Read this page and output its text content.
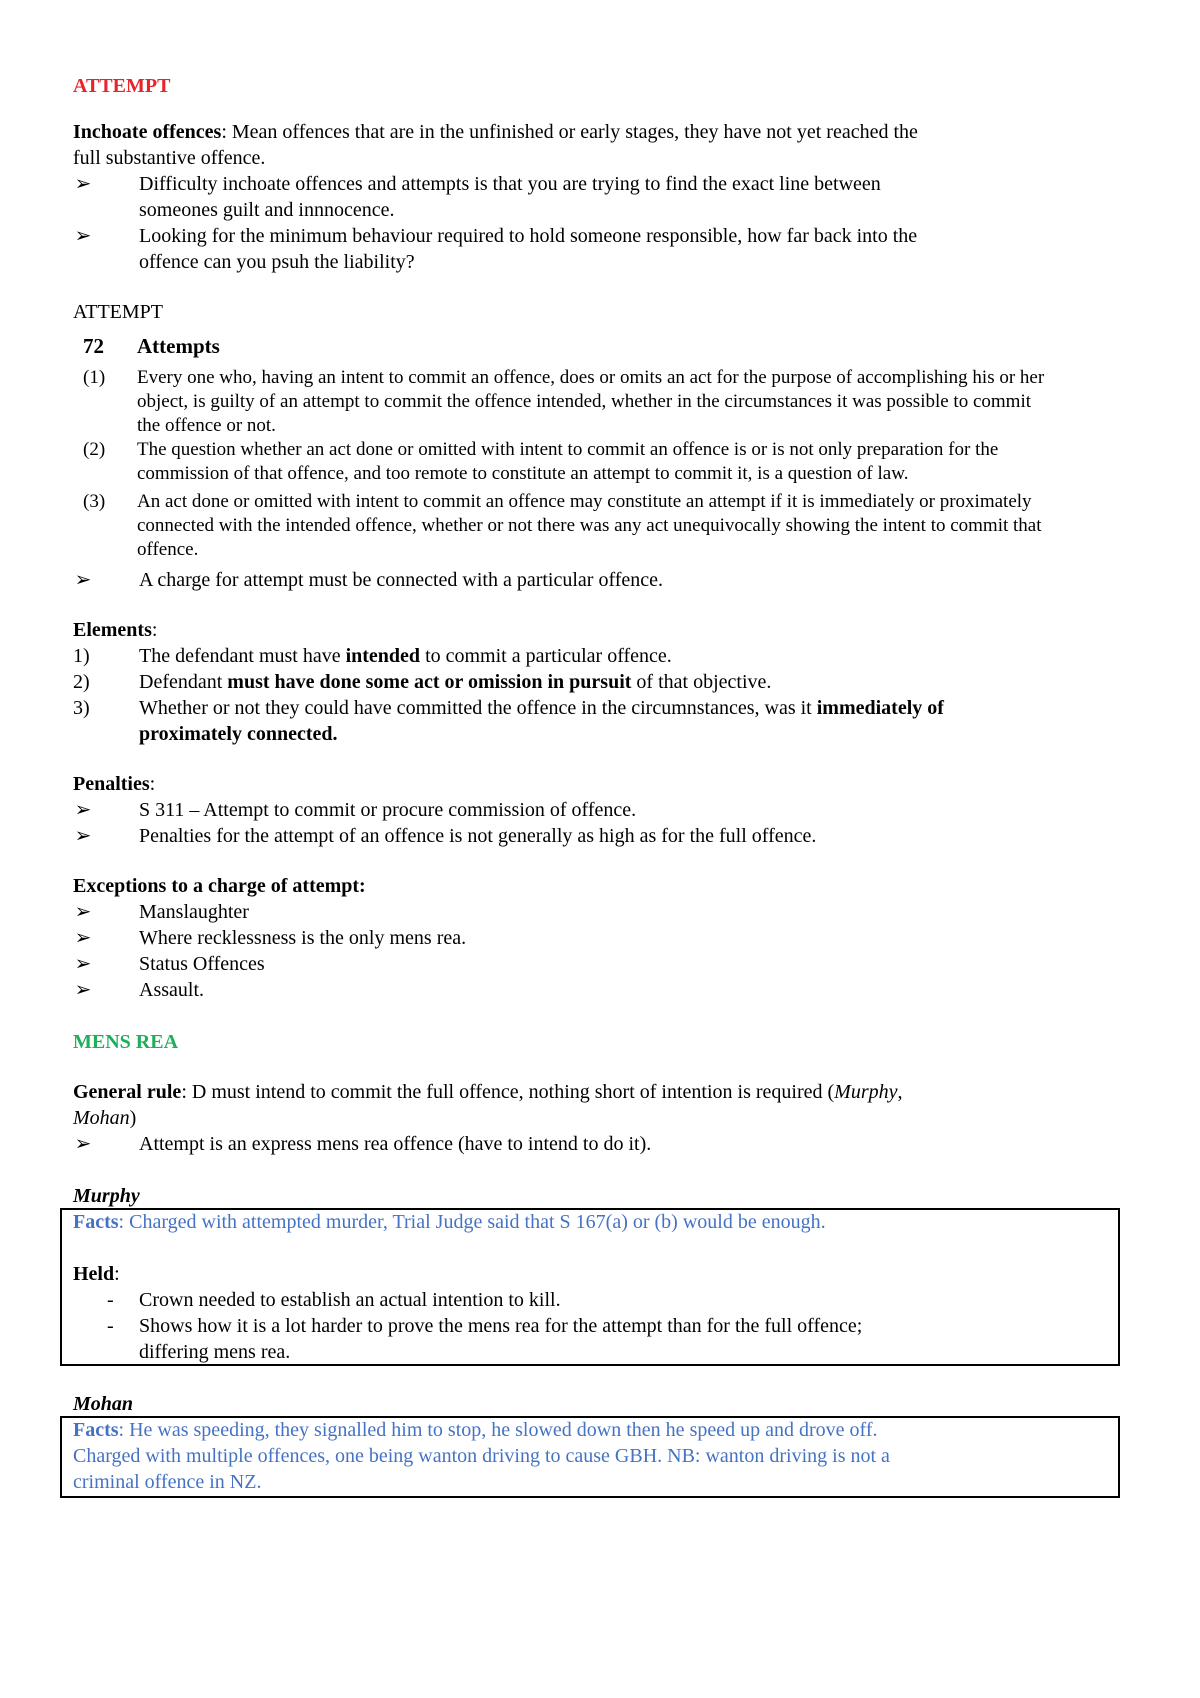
ATTEMPT
Inchoate offences: Mean offences that are in the unfinished or early stages, they have not yet reached the
full substantive offence.
➢	Difficulty inchoate offences and attempts is that you are trying to find the exact line between
someones guilt and innnocence.
➢	Looking for the minimum behaviour required to hold someone responsible, how far back into the
offence can you psuh the liability?
ATTEMPT
72 Attempts
(1) Every one who, having an intent to commit an offence, does or omits an act for the purpose of accomplishing his or her
object, is guilty of an attempt to commit the offence intended, whether in the circumstances it was possible to commit
the offence or not.
(2) The question whether an act done or omitted with intent to commit an offence is or is not only preparation for the
commission of that offence, and too remote to constitute an attempt to commit it, is a question of law.
(3) An act done or omitted with intent to commit an offence may constitute an attempt if it is immediately or proximately
connected with the intended offence, whether or not there was any act unequivocally showing the intent to commit that
offence.
➢	A charge for attempt must be connected with a particular offence.
Elements:
1) The defendant must have intended to commit a particular offence.
2) Defendant must have done some act or omission in pursuit of that objective.
3) Whether or not they could have committed the offence in the circumnstances, was it immediately of
proximately connected.
Penalties:
➢	S 311 – Attempt to commit or procure commission of offence.
➢	Penalties for the attempt of an offence is not generally as high as for the full offence.
Exceptions to a charge of attempt:
➢	Manslaughter
➢	Where recklessness is the only mens rea.
➢	Status Offences
➢	Assault.
MENS REA
General rule: D must intend to commit the full offence, nothing short of intention is required (Murphy,
Mohan)
➢	Attempt is an express mens rea offence (have to intend to do it).
Murphy
Facts: Charged with attempted murder, Trial Judge said that S 167(a) or (b) would be enough.
Held:
- Crown needed to establish an actual intention to kill.
- Shows how it is a lot harder to prove the mens rea for the attempt than for the full offence;
differing mens rea.
Mohan
Facts: He was speeding, they signalled him to stop, he slowed down then he speed up and drove off.
Charged with multiple offences, one being wanton driving to cause GBH. NB: wanton driving is not a
criminal offence in NZ.
